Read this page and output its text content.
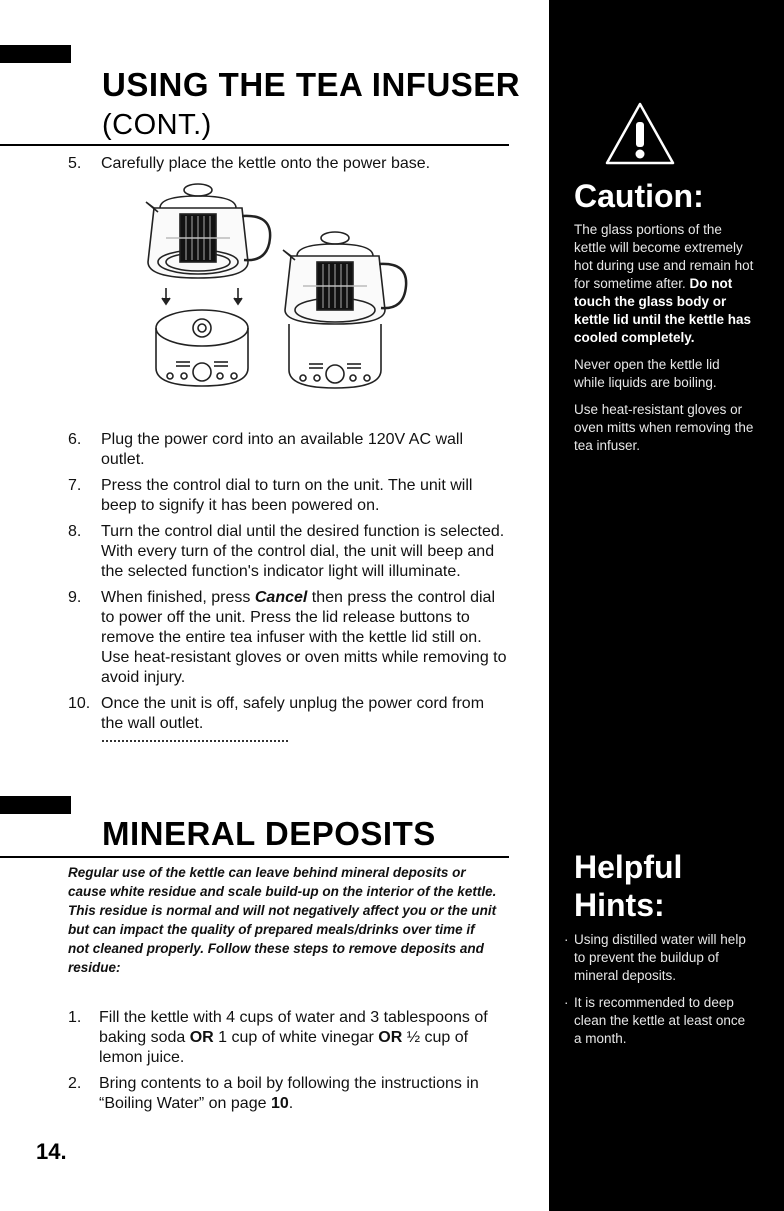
USING THE TEA INFUSER (CONT.)
5.	Carefully place the kettle onto the power base.
6.	Plug the power cord into an available 120V AC wall outlet.
7.	Press the control dial to turn on the unit. The unit will beep to signify it has been powered on.
8.	Turn the control dial until the desired function is selected. With every turn of the control dial, the unit will beep and the selected function's indicator light will illuminate.
9.	When finished, press Cancel then press the control dial to power off the unit. Press the lid release buttons to remove the entire tea infuser with the kettle lid still on. Use heat-resistant gloves or oven mitts while removing to avoid injury.
10. Once the unit is off, safely unplug the power cord from the wall outlet.
MINERAL DEPOSITS
Regular use of the kettle can leave behind mineral deposits or cause white residue and scale build-up on the interior of the kettle. This residue is normal and will not negatively affect you or the unit but can impact the quality of prepared meals/drinks over time if not cleaned properly. Follow these steps to remove deposits and residue:
1.	Fill the kettle with 4 cups of water and 3 tablespoons of baking soda OR 1 cup of white vinegar OR ½ cup of lemon juice.
2.	Bring contents to a boil by following the instructions in “Boiling Water” on page 10.
14.
Caution:

The glass portions of the kettle will become extremely hot during use and remain hot for sometime after. Do not touch the glass body or kettle lid until the kettle has cooled completely.

Never open the kettle lid while liquids are boiling.

Use heat-resistant gloves or oven mitts when removing the tea infuser.

Helpful
Hints:
· Using distilled water will help to prevent the buildup of mineral deposits.
· It is recommended to deep clean the kettle at least once a month.
